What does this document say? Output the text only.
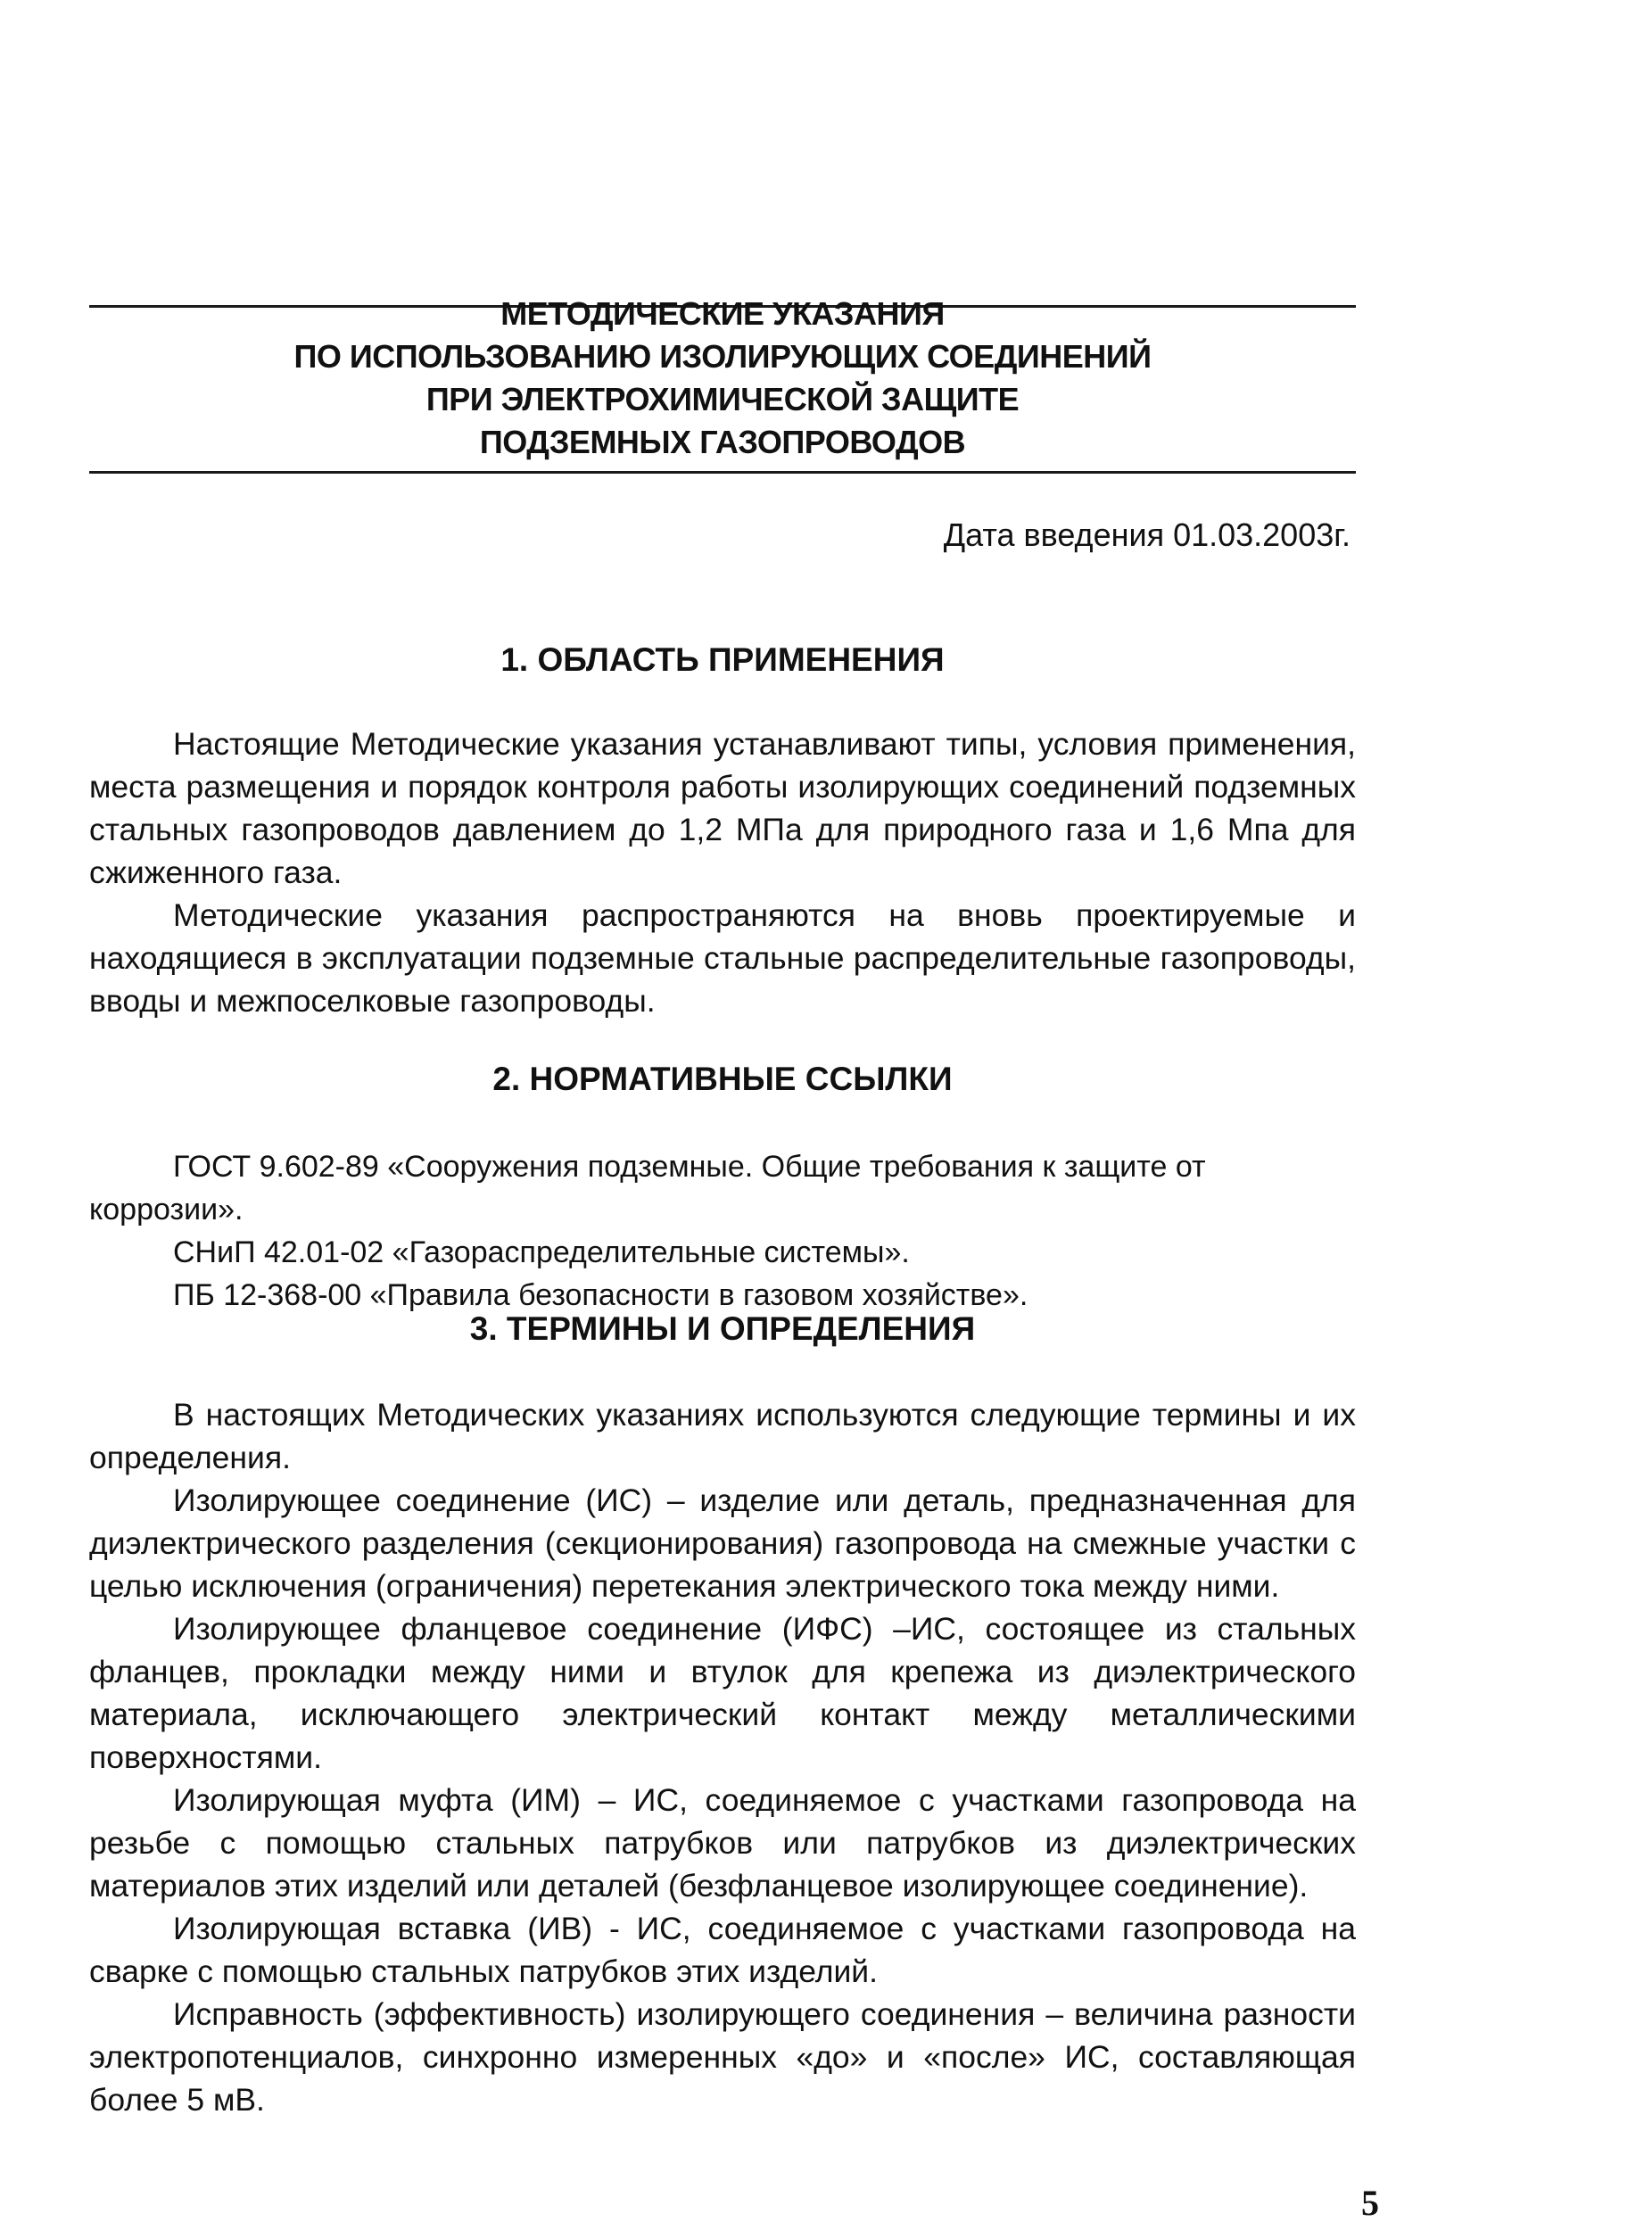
МЕТОДИЧЕСКИЕ УКАЗАНИЯ
ПО ИСПОЛЬЗОВАНИЮ ИЗОЛИРУЮЩИХ СОЕДИНЕНИЙ
ПРИ ЭЛЕКТРОХИМИЧЕСКОЙ ЗАЩИТЕ
ПОДЗЕМНЫХ ГАЗОПРОВОДОВ
Дата введения 01.03.2003г.
1. ОБЛАСТЬ ПРИМЕНЕНИЯ

Настоящие Методические указания устанавливают типы, условия применения, места размещения и порядок контроля работы изолирующих соединений подземных стальных газопроводов давлением до 1,2 МПа для природного газа и 1,6 Мпа для сжиженного газа.

Методические указания распространяются на вновь проектируемые и находящиеся в эксплуатации подземные стальные распределительные газопроводы, вводы и межпоселковые газопроводы.

2. НОРМАТИВНЫЕ ССЫЛКИ

ГОСТ 9.602-89 «Сооружения подземные. Общие требования к защите от коррозии».

СНиП 42.01-02 «Газораспределительные системы».

ПБ 12-368-00 «Правила безопасности в газовом хозяйстве».

3. ТЕРМИНЫ И ОПРЕДЕЛЕНИЯ

В настоящих Методических указаниях используются следующие термины и их определения.

Изолирующее соединение (ИС) – изделие или деталь, предназначенная для диэлектрического разделения (секционирования) газопровода на смежные участки с целью исключения (ограничения) перетекания электрического тока между ними.

Изолирующее фланцевое соединение (ИФС) –ИС, состоящее из стальных фланцев, прокладки между ними и втулок для крепежа из диэлектрического материала, исключающего электрический контакт между металлическими поверхностями.

Изолирующая муфта (ИМ) – ИС, соединяемое с участками газопровода на резьбе с помощью стальных патрубков или патрубков из диэлектрических материалов этих изделий или деталей (безфланцевое изолирующее соединение).

Изолирующая вставка (ИВ) - ИС, соединяемое с участками газопровода на сварке с помощью стальных патрубков этих изделий.

Исправность (эффективность) изолирующего соединения – величина разности электропотенциалов, синхронно измеренных «до» и «после» ИС, составляющая более 5 мВ.

5
